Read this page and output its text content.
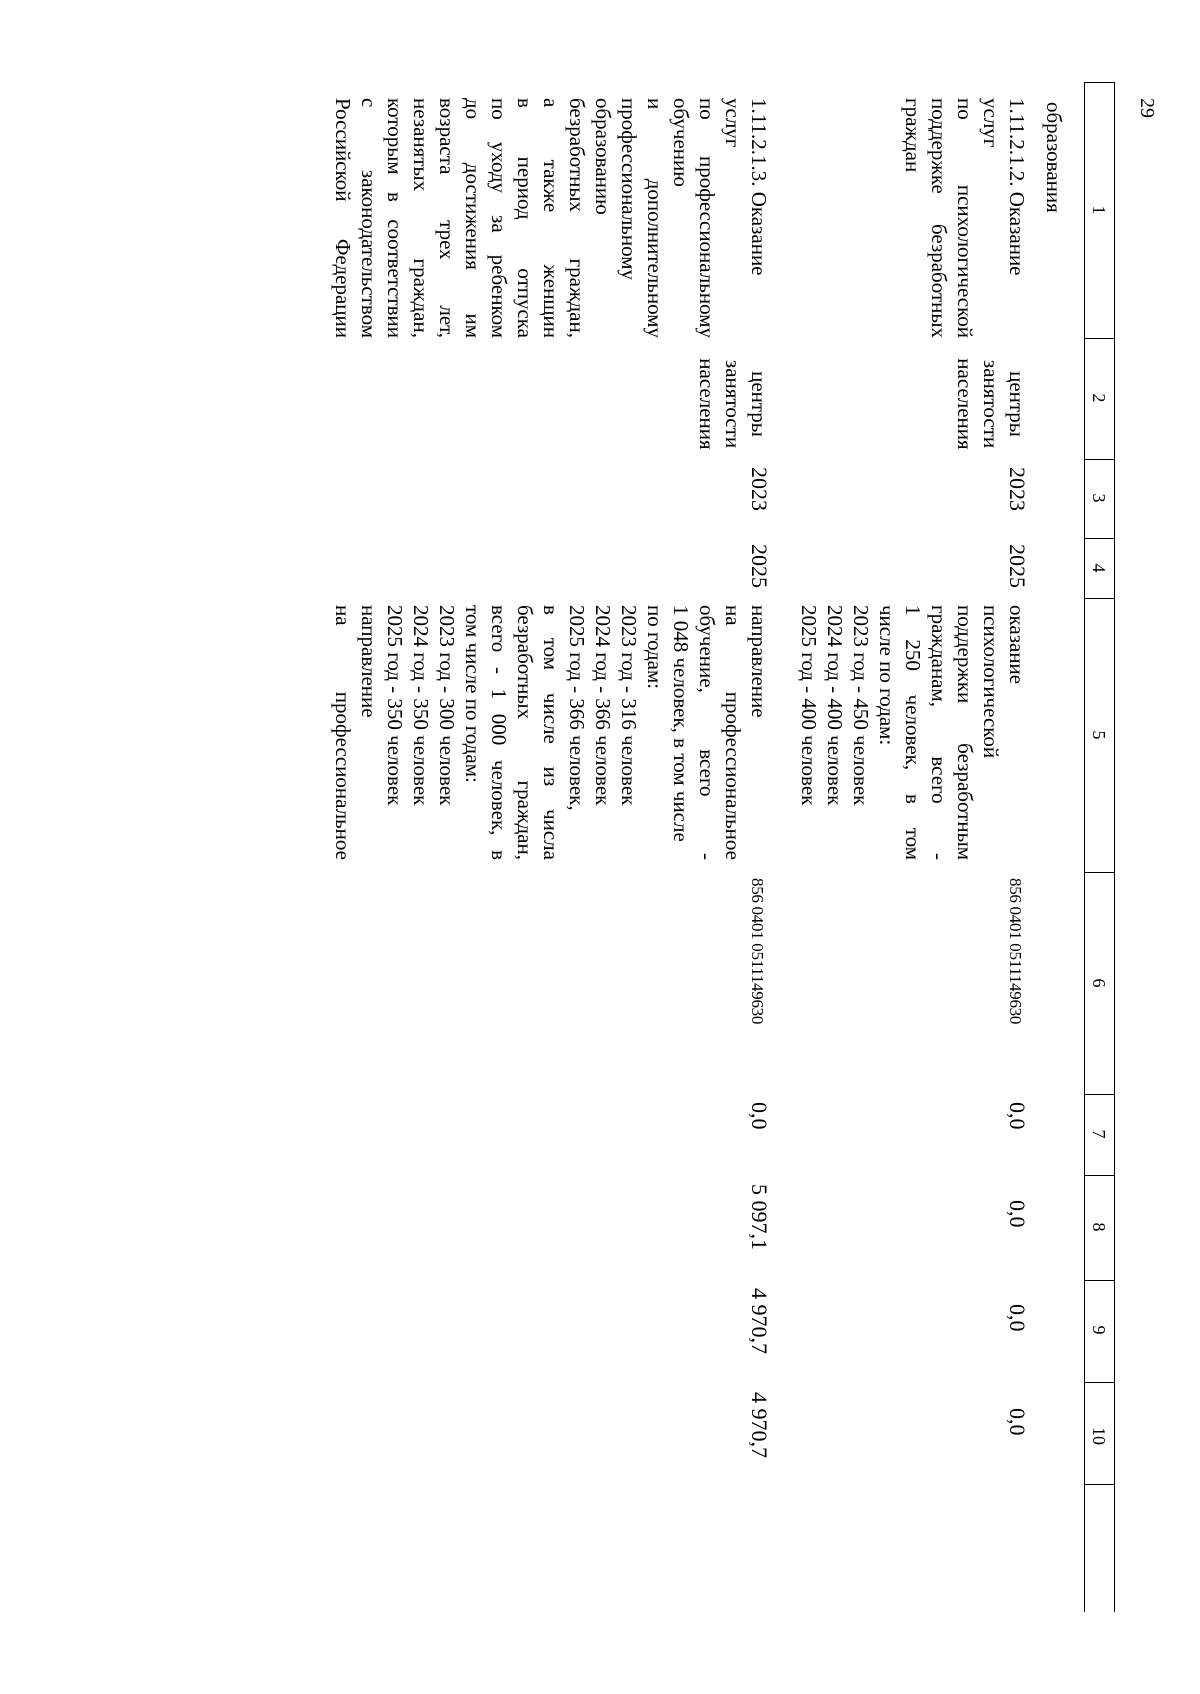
29
1
2
3
4
5
6
7
8
9
10
образования
1.11.2.1.2. Оказание
услуг
по психологической
поддержке безработных
граждан
центры
занятости
населения
2023
2025
оказание
психологической
поддержки безработным
гражданам, всего -
1 250 человек, в том
числе по годам:
2023 год - 450 человек
2024 год - 400 человек
2025 год - 400 человек
856 0401 0511149630
0,0
0,0
0,0
0,0
1.11.2.1.3. Оказание
услуг
по профессиональному
обучению
и дополнительному
профессиональному
образованию
безработных граждан,
а также женщин
в период отпуска
по уходу за ребенком
до достижения им
возраста трех лет,
незанятых граждан,
которым в соответствии
с законодательством
Российской Федерации
центры
занятости
населения
2023
2025
направление
на профессиональное
обучение, всего -
1 048 человек, в том числе
по годам:
2023 год - 316 человек
2024 год - 366 человек
2025 год - 366 человек,
в том числе из числа
безработных граждан,
всего - 1 000 человек, в
том числе по годам:
2023 год - 300 человек
2024 год - 350 человек
2025 год - 350 человек
направление
на профессиональное
856 0401 0511149630
0,0
5 097,1
4 970,7
4 970,7
